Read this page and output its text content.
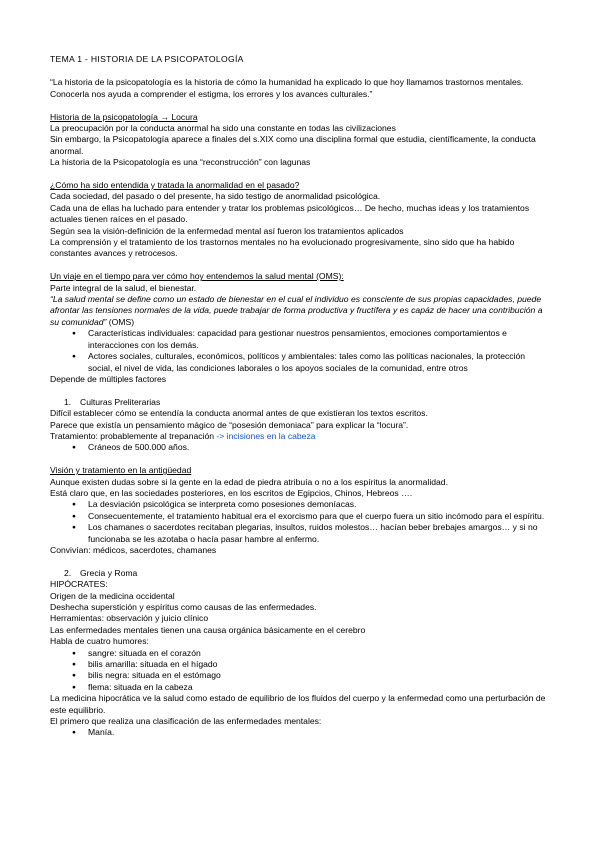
TEMA 1 - HISTORIA DE LA PSICOPATOLOGÍA

“La historia de la psicopatología es la historia de cómo la humanidad ha explicado lo que hoy llamamos trastornos mentales. Conocerla nos ayuda a comprender el estigma, los errores y los avances culturales.”

Historia de la psicopatología → Locura

La preocupación por la conducta anormal ha sido una constante en todas las civilizaciones

Sin embargo, la Psicopatología aparece a finales del s.XIX como una disciplina formal que estudia, científicamente, la conducta anormal.

La historia de la Psicopatología es una “reconstrucción” con lagunas

¿Cómo ha sido entendida y tratada la anormalidad en el pasado?

Cada sociedad, del pasado o del presente, ha sido testigo de anormalidad psicológica.

Cada una de ellas ha luchado para entender y tratar los problemas psicológicos… De hecho, muchas ideas y los tratamientos actuales tienen raíces en el pasado.

Según sea la visión-definición de la enfermedad mental así fueron los tratamientos aplicados

La comprensión y el tratamiento de los trastornos mentales no ha evolucionado progresivamente, sino sido que ha habido constantes avances y retrocesos.

Un viaje en el tiempo para ver cómo hoy entendemos la salud mental (OMS):

Parte integral de la salud, el bienestar.

“La salud mental se define como un estado de bienestar en el cual el individuo es consciente de sus propias capacidades, puede afrontar las tensiones normales de la vida, puede trabajar de forma productiva y fructífera y es capáz de hacer una contribución a su comunidad” (OMS)

● Características individuales: capacidad para gestionar nuestros pensamientos, emociones comportamientos e interacciones con los demás.
● Actores sociales, culturales, económicos, políticos y ambientales: tales como las políticas nacionales, la protección social, el nivel de vida, las condiciones laborales o los apoyos sociales de la comunidad, entre otros

Depende de múltiples factores

1. Culturas Preliterarias

Difícil establecer cómo se entendía la conducta anormal antes de que existieran los textos escritos.

Parece que existía un pensamiento mágico de “posesión demoniaca” para explicar la “locura”.

Tratamiento: probablemente al trepanación -> incisiones en la cabeza

● Cráneos de 500.000 años.

Visión y tratamiento en la antigüedad

Aunque existen dudas sobre si la gente en la edad de piedra atribuía o no a los espíritus la anormalidad.

Está claro que, en las sociedades posteriores, en los escritos de Egipcios, Chinos, Hebreos ….

● La desviación psicológica se interpreta como posesiones demoníacas.
● Consecuentemente, el tratamiento habitual era el exorcismo para que el cuerpo fuera un sitio incómodo para el espíritu.
● Los chamanes o sacerdotes recitaban plegarias, insultos, ruidos molestos… hacían beber brebajes amargos… y si no funcionaba se les azotaba o hacía pasar hambre al enfermo.

Convivían: médicos, sacerdotes, chamanes

2. Grecia y Roma

HIPÓCRATES:

Origen de la medicina occidental

Deshecha superstición y espíritus como causas de las enfermedades.

Herramientas: observación y juicio clínico

Las enfermedades mentales tienen una causa orgánica básicamente en el cerebro

Habla de cuatro humores:

● sangre: situada en el corazón
● bilis amarilla: situada en el hígado
● bilis negra: situada en el estómago
● flema: situada en la cabeza

La medicina hipocrática ve la salud como estado de equilibrio de los fluidos del cuerpo y la enfermedad como una perturbación de este equilibrio.

El primero que realiza una clasificación de las enfermedades mentales:

● Manía.
